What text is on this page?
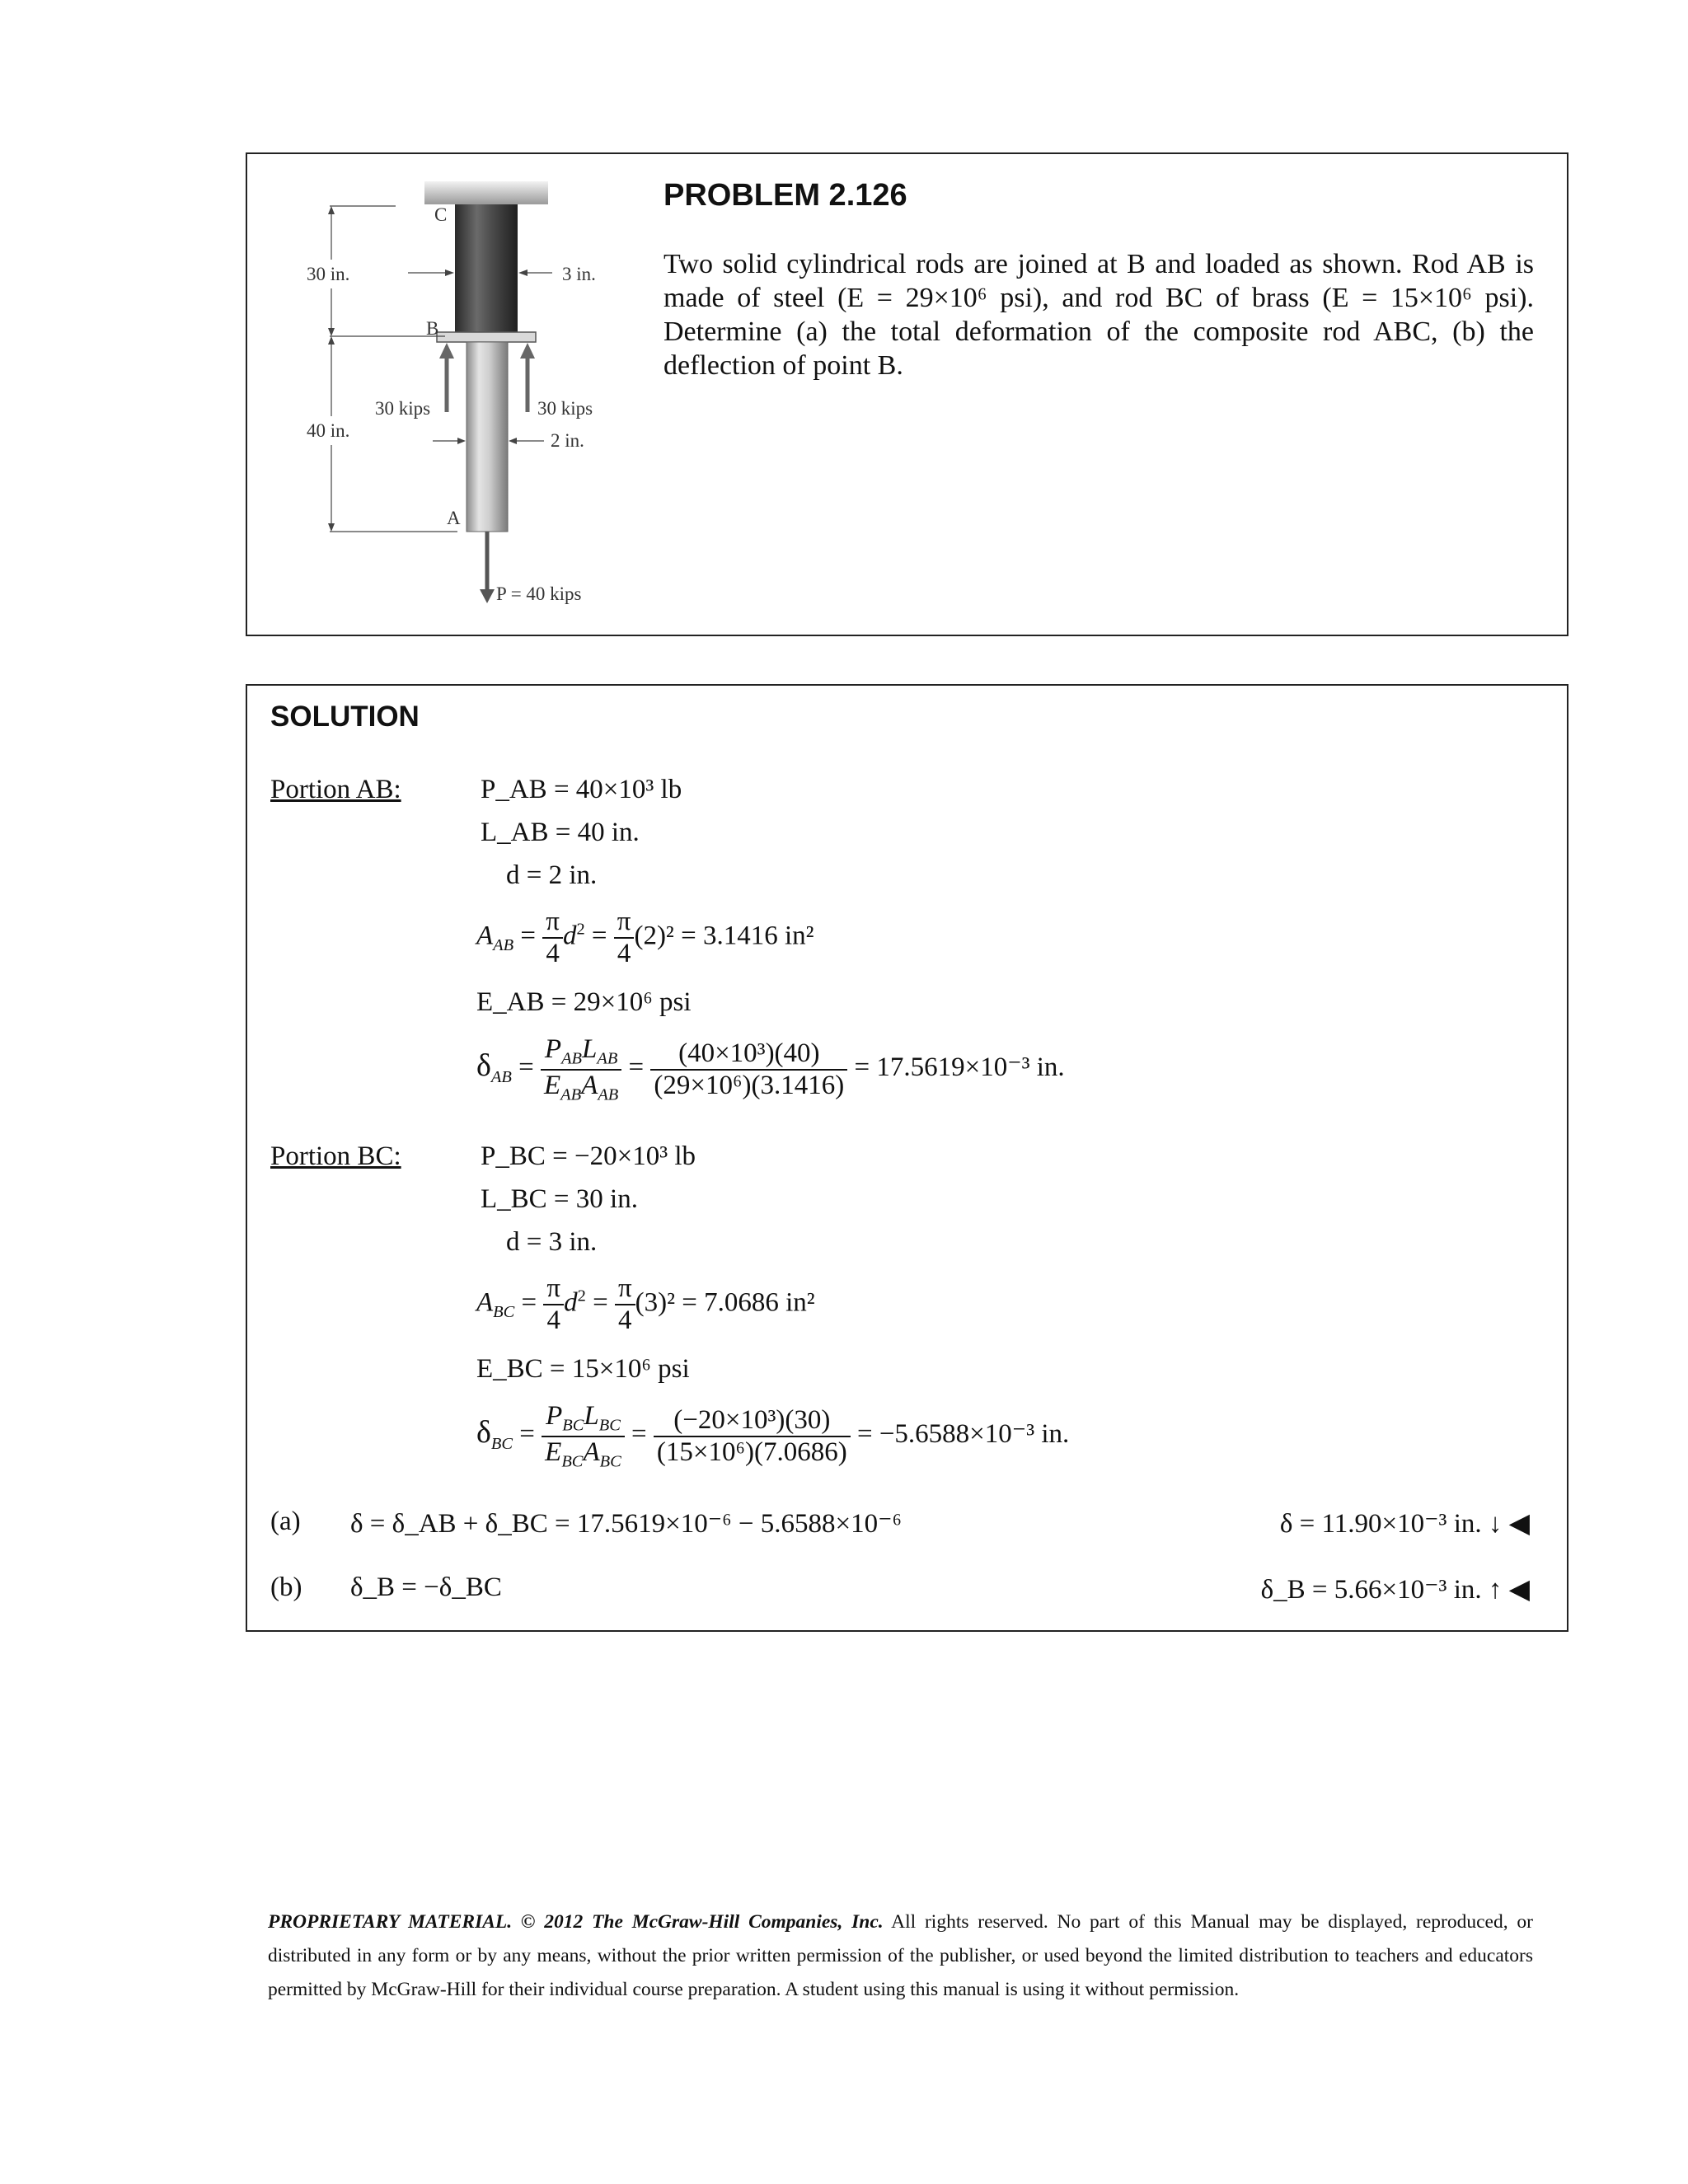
C
B
A
30 in.
40 in.
3 in.
2 in.
30 kips	30 kips
P = 40 kips
PROBLEM 2.126
Two solid cylindrical rods are joined at B and loaded as shown. Rod AB is made of steel (E = 29×10⁶ psi), and rod BC of brass (E = 15×10⁶ psi). Determine (a) the total deformation of the composite rod ABC, (b) the deflection of point B.
SOLUTION
Portion AB:	P_AB = 40×10³ lb
L_AB = 40 in.
d = 2 in.
$A_{AB} = \frac{\pi}{4} d^2 = \frac{\pi}{4} (2)^2 = 3.1416$ in²
E_AB = 29×10⁶ psi
$\delta_{AB} = \frac{P_{AB}L_{AB}}{E_{AB}A_{AB}} = \frac{\text{(40×10³)(40)}}{\text{(29×10⁶)(3.1416)}} = 17.5619\times 10^{-3}$ in.
Portion BC:	P_BC = −20×10³ lb
L_BC = 30 in.
d = 3 in.
$A_{BC} = \frac{\pi}{4} d^2 = \frac{\pi}{4} (3)^2 = 7.0686$ in²
E_BC = 15×10⁶ psi
$\delta_{BC} = \frac{P_{BC}L_{BC}}{E_{BC}A_{BC}} = \frac{\text{(−20×10³)(30)}}{\text{(15×10⁶)(7.0686)}} = -5.6588\times 10^{-3}$ in.
(a) δ = δ_AB + δ_BC = 17.5619×10⁻⁶ − 5.6588×10⁻⁶	δ = 11.90×10⁻³ in. ↓ ◀
(b) δ_B = −δ_BC	δ_B = 5.66×10⁻³ in. ↑ ◀
PROPRIETARY MATERIAL. © 2012 The McGraw-Hill Companies, Inc. All rights reserved. No part of this Manual may be displayed, reproduced, or distributed in any form or by any means, without the prior written permission of the publisher, or used beyond the limited distribution to teachers and educators permitted by McGraw-Hill for their individual course preparation. A student using this manual is using it without permission.
